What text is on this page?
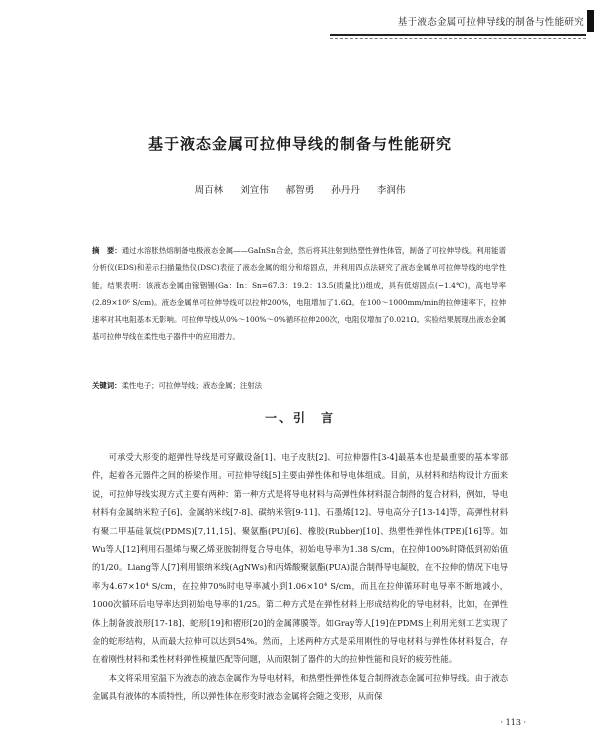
基于液态金属可拉伸导线的制备与性能研究
基于液态金属可拉伸导线的制备与性能研究
周百林 刘宣伟 郝智勇 孙丹丹 李润伟
摘　要：通过水溶胀热熔制备电极液态金属——GaInSn合金，然后将其注射到热塑性弹性体管，制备了可拉伸导线。利用能谱分析仪(EDS)和差示扫描量热仪(DSC)表征了液态金属的组分和熔固点，并利用四点法研究了液态金属单可拉伸导线的电学性能。结果表明：该液态金属由镓铟锡(Ga：In：Sn=67.3：19.2：13.5(质量比))组成，具有低熔固点(−1.4℃)，高电导率(2.89×10⁶ S/cm)。液态金属单可拉伸导线可以拉伸200%，电阻增加了1.6Ω。在100～1000mm/min的拉伸速率下，拉伸速率对其电阻基本无影响。可拉伸导线从0%～100%～0%循环拉伸200次，电阻仅增加了0.021Ω。实验结果展现出液态金属基可拉伸导线在柔性电子器件中的应用潜力。
关键词：柔性电子；可拉伸导线；液态金属；注射法
一、引　言

可承受大形变的超弹性导线是可穿戴设备[1]、电子皮肤[2]、可拉伸器件[3-4]最基本也是最重要的基本零部件，起着各元器件之间的桥梁作用。可拉伸导线[5]主要由弹性体和导电体组成。目前，从材料和结构设计方面来说，可拉伸导线实现方式主要有两种：第一种方式是将导电材料与高弹性体材料混合制得的复合材料，例如，导电材料有金属纳米粒子[6]、金属纳米线[7-8]、碳纳米管[9-11]、石墨烯[12]、导电高分子[13-14]等，高弹性材料有聚二甲基硅氧烷(PDMS)[7,11,15]、聚氨酯(PU)[6]、橡胶(Rubber)[10]、热塑性弹性体(TPE)[16]等。如Wu等人[12]利用石墨烯与聚乙烯亚胺制得复合导电体，初始电导率为1.38 S/cm，在拉伸100%时降低到初始值的1/20。Liang等人[7]利用银纳米线(AgNWs)和丙烯酸聚氨酯(PUA)混合制得导电凝胶，在不拉伸的情况下电导率为4.67×10⁴ S/cm，在拉伸70%时电导率减小到1.06×10⁴ S/cm，而且在拉伸循环时电导率不断地减小，1000次循环后电导率达到初始电导率的1/25。第二种方式是在弹性材料上形成结构化的导电材料，比如，在弹性体上制备波浪形[17-18]、蛇形[19]和褶形[20]的金属薄膜等。如Gray等人[19]在PDMS上利用光刻工艺实现了金的蛇形结构，从而最大拉伸可以达到54%。然而，上述两种方式是采用刚性的导电材料与弹性体材料复合，存在着刚性材料和柔性材料弹性模量匹配等问题，从而限制了器件的大的拉伸性能和良好的疲劳性能。

本文将采用室温下为液态的液态金属作为导电材料，和热塑性弹性体复合制得液态金属可拉伸导线。由于液态金属具有液体的本质特性，所以弹性体在形变时液态金属将会随之变形，从而保

· 113 ·
